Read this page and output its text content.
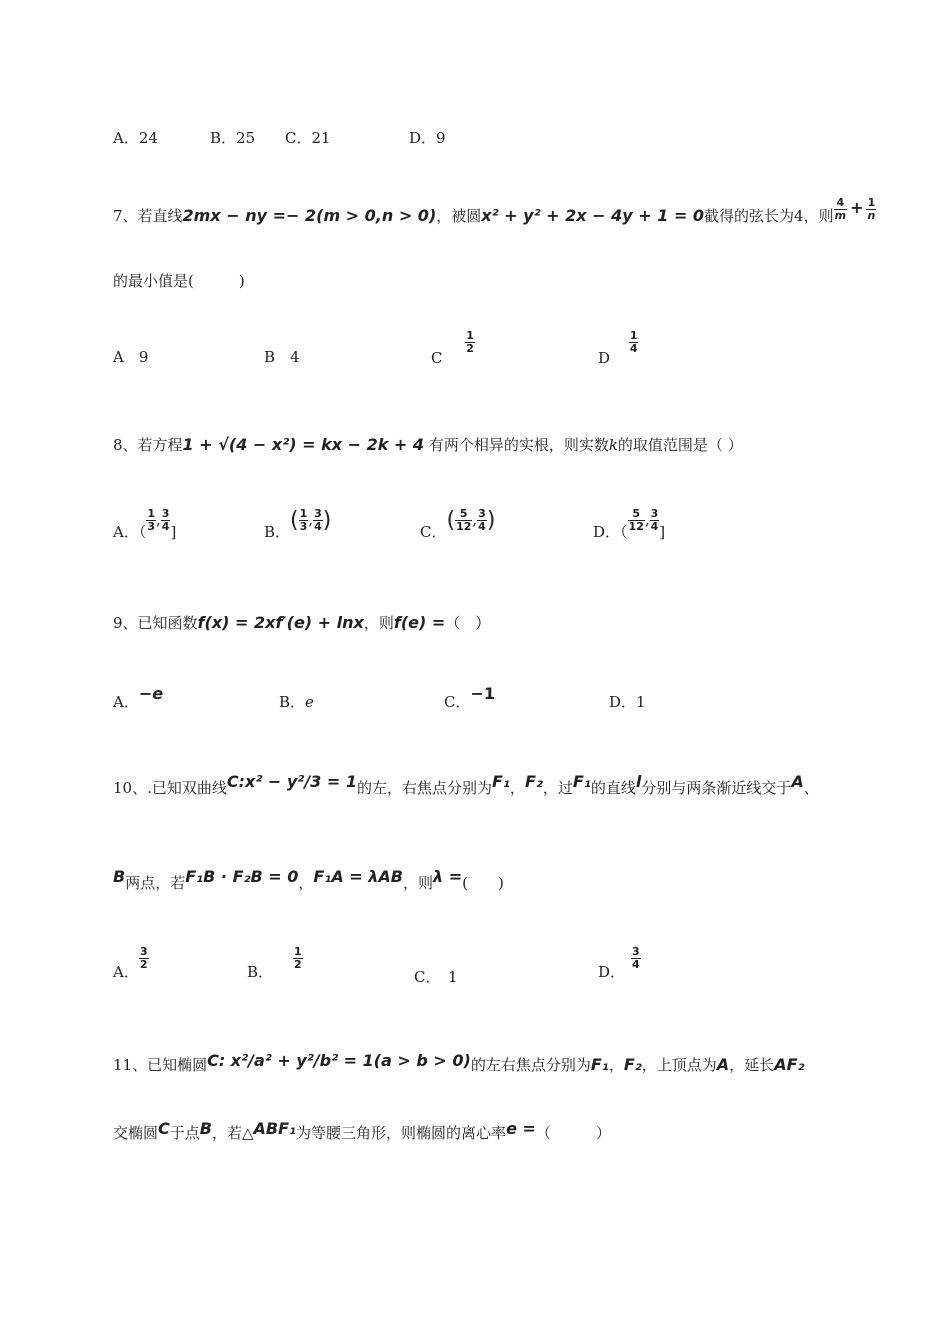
A．24	B．25 C．21	D．9
7、若直线2mx − ny =− 2(m > 0,n > 0)，被圆x² + y² + 2x − 4y + 1 = 0截得的弦长为4，则 $\frac{4}{m} + \frac{1}{n}$
的最小值是(　　　)
A　9	B　4	C
$\frac{1}{2}$
D
$\frac{1}{4}$
8、若方程1 + √(4 − x²) = kx − 2k + 4 有两个相异的实根，则实数k的取值范围是（ ）
A．（ $\frac{1}{3}$ , $\frac{3}{4}$ ]	B．( $\frac{1}{3}$ , $\frac{3}{4}$ )	C．( $\frac{5}{12}$ , $\frac{3}{4}$ )	D．（ $\frac{5}{12}$ , $\frac{3}{4}$ ]
9、已知函数f(x) = 2xf′(e) + lnx，则f(e) =（　）
A．−e	B．e	C．−1	D．1
10、.已知双曲线C:x² − y²/3 = 1的左，右焦点分别为F₁，F₂，过F₁的直线l分别与两条渐近线交于A、
B两点，若F₁B · F₂B = 0，F₁A = λAB，则λ =(　　)
A．
$\frac{3}{2}$
B．
$\frac{1}{2}$
C．　1	D．
$\frac{3}{4}$
11、已知椭圆C: x²/a² + y²/b² = 1(a > b > 0)的左右焦点分别为F₁，F₂，上顶点为A，延长AF₂
交椭圆C于点B，若△ABF₁为等腰三角形，则椭圆的离心率e =（　　　）
